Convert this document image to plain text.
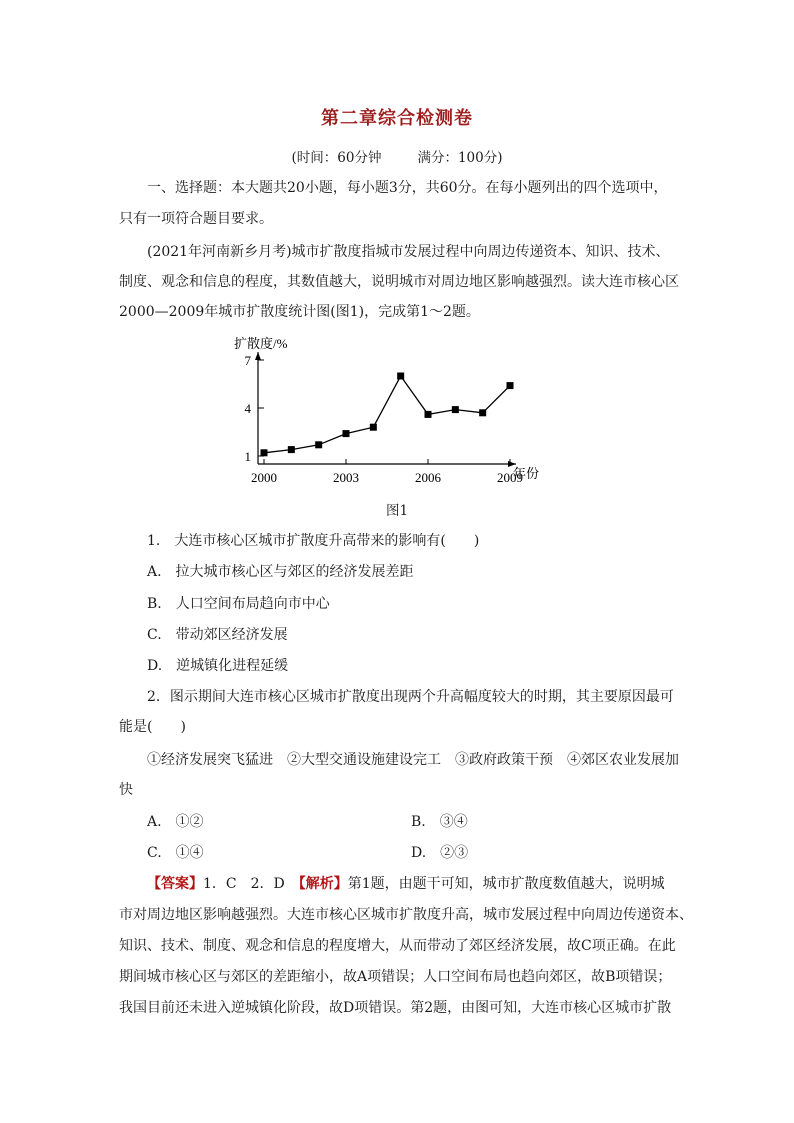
第二章综合检测卷
(时间：60分钟	满分：100分)
一、选择题：本大题共20小题，每小题3分，共60分。在每小题列出的四个选项中，
只有一项符合题目要求。
(2021年河南新乡月考)城市扩散度指城市发展过程中向周边传递资本、知识、技术、
制度、观念和信息的程度，其数值越大，说明城市对周边地区影响越强烈。读大连市核心区
2000—2009年城市扩散度统计图(图1)，完成第1～2题。
扩散度/%
年份
1
4
7
2000	2003	2006	2009
图1
1.　大连市核心区城市扩散度升高带来的影响有(　　)
A.　拉大城市核心区与郊区的经济发展差距
B.　人口空间布局趋向市中心
C.　带动郊区经济发展
D.　逆城镇化进程延缓
2．图示期间大连市核心区城市扩散度出现两个升高幅度较大的时期，其主要原因最可
能是(　　)
①经济发展突飞猛进　②大型交通设施建设完工　③政府政策干预　④郊区农业发展加
快
A.　①②	B.　③④
C.　①④	D.　②③
【答案】1．C　2．D　【解析】第1题，由题干可知，城市扩散度数值越大，说明城
市对周边地区影响越强烈。大连市核心区城市扩散度升高，城市发展过程中向周边传递资本、
知识、技术、制度、观念和信息的程度增大，从而带动了郊区经济发展，故C项正确。在此
期间城市核心区与郊区的差距缩小，故A项错误；人口空间布局也趋向郊区，故B项错误；
我国目前还未进入逆城镇化阶段，故D项错误。第2题，由图可知，大连市核心区城市扩散
